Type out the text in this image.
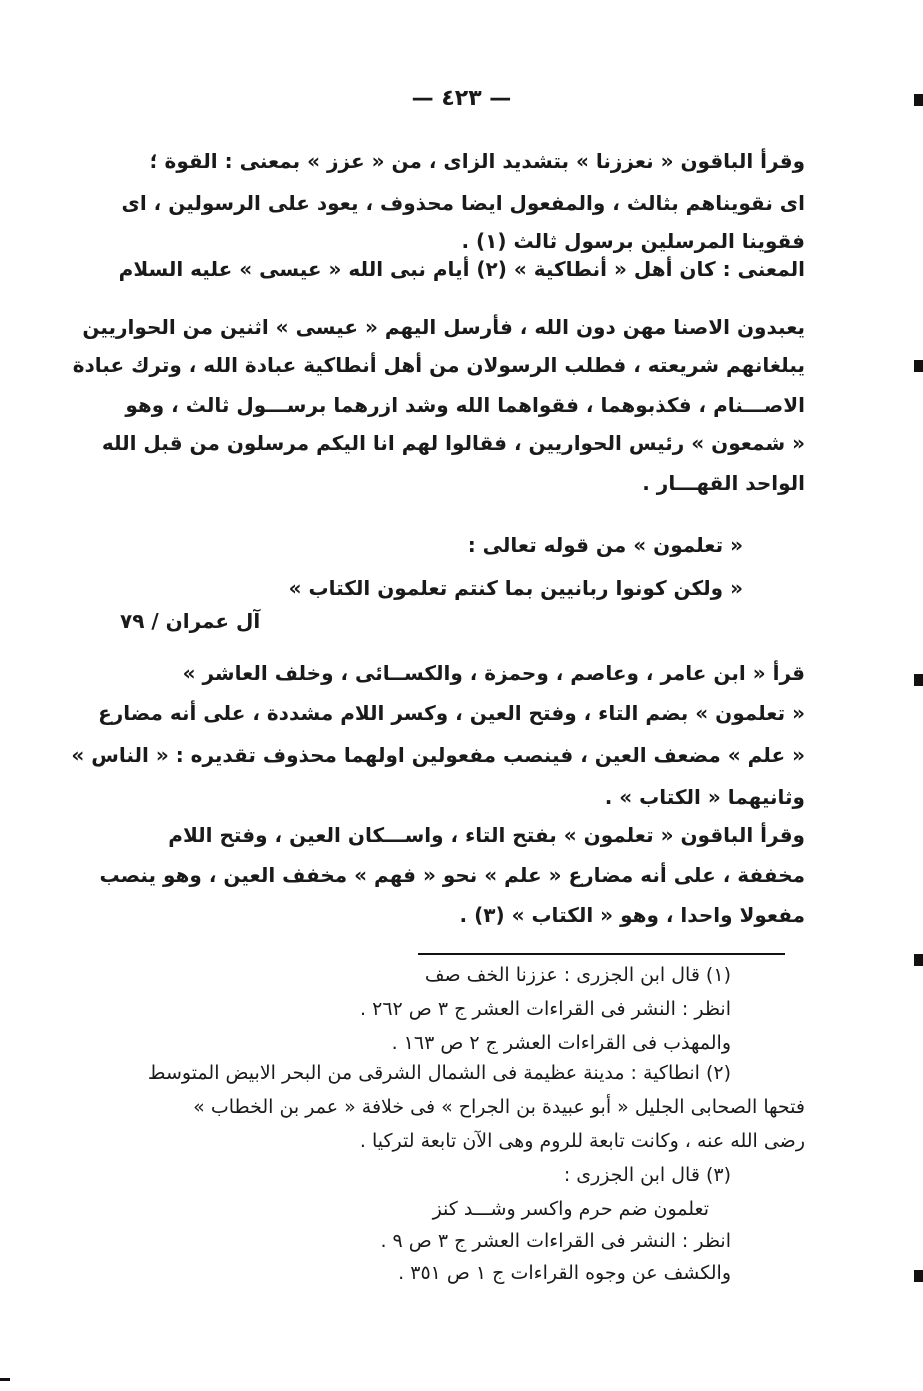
— ٤٢٣ —
وقرأ الباقون « نعززنا » بتشديد الزاى ، من « عزز » بمعنى : القوة ؛
اى نقويناهم بثالث ، والمفعول ايضا محذوف ، يعود على الرسولين ، اى
فقوينا المرسلين برسول ثالث (١) .
المعنى : كان أهل « أنطاكية » (٢) أيام نبى الله « عيسى » عليه السلام
يعبدون الاصنا مهن دون الله ، فأرسل اليهم « عيسى » اثنين من الحواريين
يبلغانهم شريعته ، فطلب الرسولان من أهل أنطاكية عبادة الله ، وترك عبادة
الاصـــنام ، فكذبوهما ، فقواهما الله وشد ازرهما برســـول ثالث ، وهو
« شمعون » رئيس الحواريين ، فقالوا لهم انا اليكم مرسلون من قبل الله
الواحد القهـــار .
« تعلمون » من قوله تعالى :
« ولكن كونوا ربانيين بما كنتم تعلمون الكتاب »
آل عمران / ٧٩
قرأ « ابن عامر ، وعاصم ، وحمزة ، والكســائى ، وخلف العاشر »
« تعلمون » بضم التاء ، وفتح العين ، وكسر اللام مشددة ، على أنه مضارع
« علم » مضعف العين ، فينصب مفعولين اولهما محذوف تقديره : « الناس »
وثانيهما « الكتاب » .
وقرأ الباقون « تعلمون » بفتح التاء ، واســـكان العين ، وفتح اللام
مخففة ، على أنه مضارع « علم » نحو « فهم » مخفف العين ، وهو ينصب
مفعولا واحدا ، وهو « الكتاب » (٣) .
(١) قال ابن الجزرى : عززنا الخف صف
انظر : النشر فى القراءات العشر ج ٣ ص ٢٦٢ .
والمهذب فى القراءات العشر ج ٢ ص ١٦٣ .
(٢) انطاكية : مدينة عظيمة فى الشمال الشرقى من البحر الابيض المتوسط
فتحها الصحابى الجليل « أبو عبيدة بن الجراح » فى خلافة « عمر بن الخطاب »
رضى الله عنه ، وكانت تابعة للروم وهى الآن تابعة لتركيا .
(٣) قال ابن الجزرى :
تعلمون ضم حرم واكسر وشـــد كنز
انظر : النشر فى القراءات العشر ج ٣ ص ٩ .
والكشف عن وجوه القراءات ج ١ ص ٣٥١ .
